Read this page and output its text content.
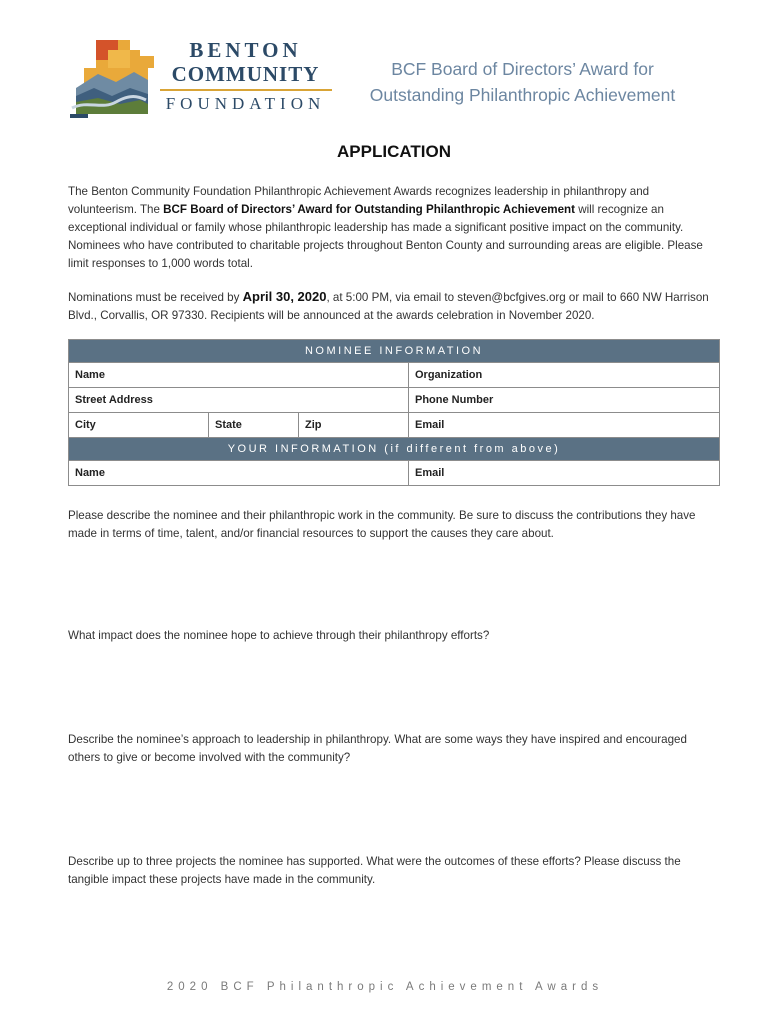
BENTON
COMMUNITY
FOUNDATION
BCF Board of Directors’ Award for
Outstanding Philanthropic Achievement
APPLICATION
The Benton Community Foundation Philanthropic Achievement Awards recognizes leadership in philanthropy and volunteerism. The BCF Board of Directors’ Award for Outstanding Philanthropic Achievement will recognize an exceptional individual or family whose philanthropic leadership has made a significant positive impact on the community. Nominees who have contributed to charitable projects throughout Benton County and surrounding areas are eligible. Please limit responses to 1,000 words total.
Nominations must be received by April 30, 2020, at 5:00 PM, via email to steven@bcfgives.org or mail to 660 NW Harrison Blvd., Corvallis, OR 97330. Recipients will be announced at the awards celebration in November 2020.
NOMINEE INFORMATION			
Name			Organization
Street Address			Phone Number
City	State	Zip	Email
YOUR INFORMATION (if different from above)			
Name			Email
Please describe the nominee and their philanthropic work in the community. Be sure to discuss the contributions they have made in terms of time, talent, and/or financial resources to support the causes they care about.
What impact does the nominee hope to achieve through their philanthropy efforts?
Describe the nominee’s approach to leadership in philanthropy. What are some ways they have inspired and encouraged others to give or become involved with the community?
Describe up to three projects the nominee has supported. What were the outcomes of these efforts? Please discuss the tangible impact these projects have made in the community.
2020 BCF Philanthropic Achievement Awards
